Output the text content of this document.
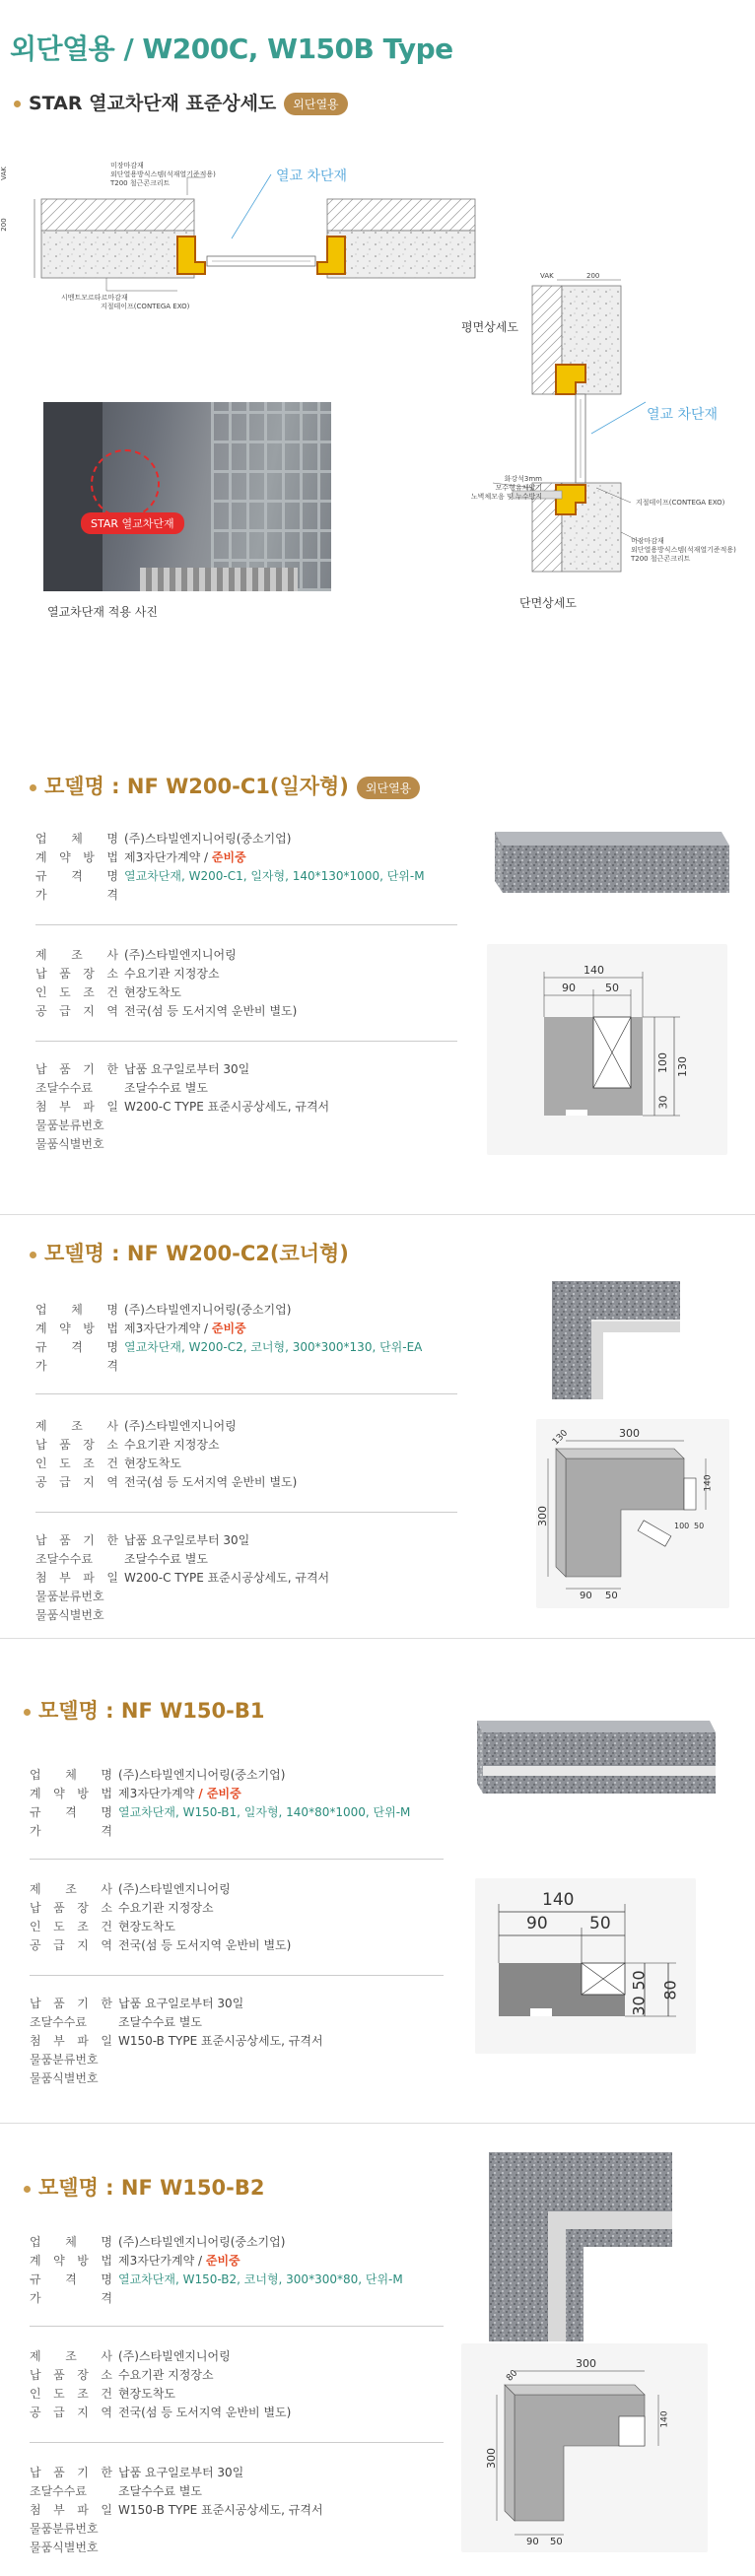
외단열용 / W200C, W150B Type
STAR 열교차단재 표준상세도 외단열용
VAK
200
미장마감재
외단열용방식스템(석재열기준적용)
T200 철근콘크리트	열교 차단재
시멘트모르타르마감재
지절테이프(CONTEGA EXO)
평면상세도
VAK	200
열교 차단재
화강석3mm
모수형유체얇기
노벽체모음 및 누수방지
지절테이프(CONTEGA EXO)
미장마감재
외단열용방식스템(석재열기준적용)
T200 철근콘크리트
단면상세도
STAR 열교차단재
열교차단재 적용 사진
모델명 : NF W200-C1(일자형) 외단열용
업 체 명 (주)스타빌엔지니어링(중소기업)
계 약 방 법 제3자단가계약 / 준비중
규 격 명 열교차단재, W200-C1, 일자형, 140*130*1000, 단위-M
가 격
제 조 사 (주)스타빌엔지니어링
납 품 장 소 수요기관 지정장소
인 도 조 건 현장도착도
공 급 지 역 전국(섬 등 도서지역 운반비 별도)
납 품 기 한 납품 요구일로부터 30일
조달수수료	조달수수료 별도
첨 부 파 일 W200-C TYPE 표준시공상세도, 규격서
물품분류번호
물품식별번호
140
90	50
100 130
30
모델명 : NF W200-C2(코너형)
업 체 명 (주)스타빌엔지니어링(중소기업)
계 약 방 법 제3자단가계약 / 준비중
규 격 명 열교차단재, W200-C2, 코너형, 300*300*130, 단위-EA
가 격
제 조 사 (주)스타빌엔지니어링
납 품 장 소 수요기관 지정장소
인 도 조 건 현장도착도
공 급 지 역 전국(섬 등 도서지역 운반비 별도)
납 품 기 한 납품 요구일로부터 30일
조달수수료	조달수수료 별도
첨 부 파 일 W200-C TYPE 표준시공상세도, 규격서
물품분류번호
물품식별번호
300
300
130
140
100 50
90 50
모델명 : NF W150-B1
업 체 명 (주)스타빌엔지니어링(중소기업)
계 약 방 법 제3자단가계약 / 준비중
규 격 명 열교차단재, W150-B1, 일자형, 140*80*1000, 단위-M
가 격
제 조 사 (주)스타빌엔지니어링
납 품 장 소 수요기관 지정장소
인 도 조 건 현장도착도
공 급 지 역 전국(섬 등 도서지역 운반비 별도)
납 품 기 한 납품 요구일로부터 30일
조달수수료	조달수수료 별도
첨 부 파 일 W150-B TYPE 표준시공상세도, 규격서
물품분류번호
물품식별번호
140
90 50
30
50 80
모델명 : NF W150-B2
업 체 명 (주)스타빌엔지니어링(중소기업)
계 약 방 법 제3자단가계약 / 준비중
규 격 명 열교차단재, W150-B2, 코너형, 300*300*80, 단위-M
가 격
제 조 사 (주)스타빌엔지니어링
납 품 장 소 수요기관 지정장소
인 도 조 건 현장도착도
공 급 지 역 전국(섬 등 도서지역 운반비 별도)
납 품 기 한 납품 요구일로부터 30일
조달수수료	조달수수료 별도
첨 부 파 일 W150-B TYPE 표준시공상세도, 규격서
물품분류번호
물품식별번호
300
300
80
140
90 50
